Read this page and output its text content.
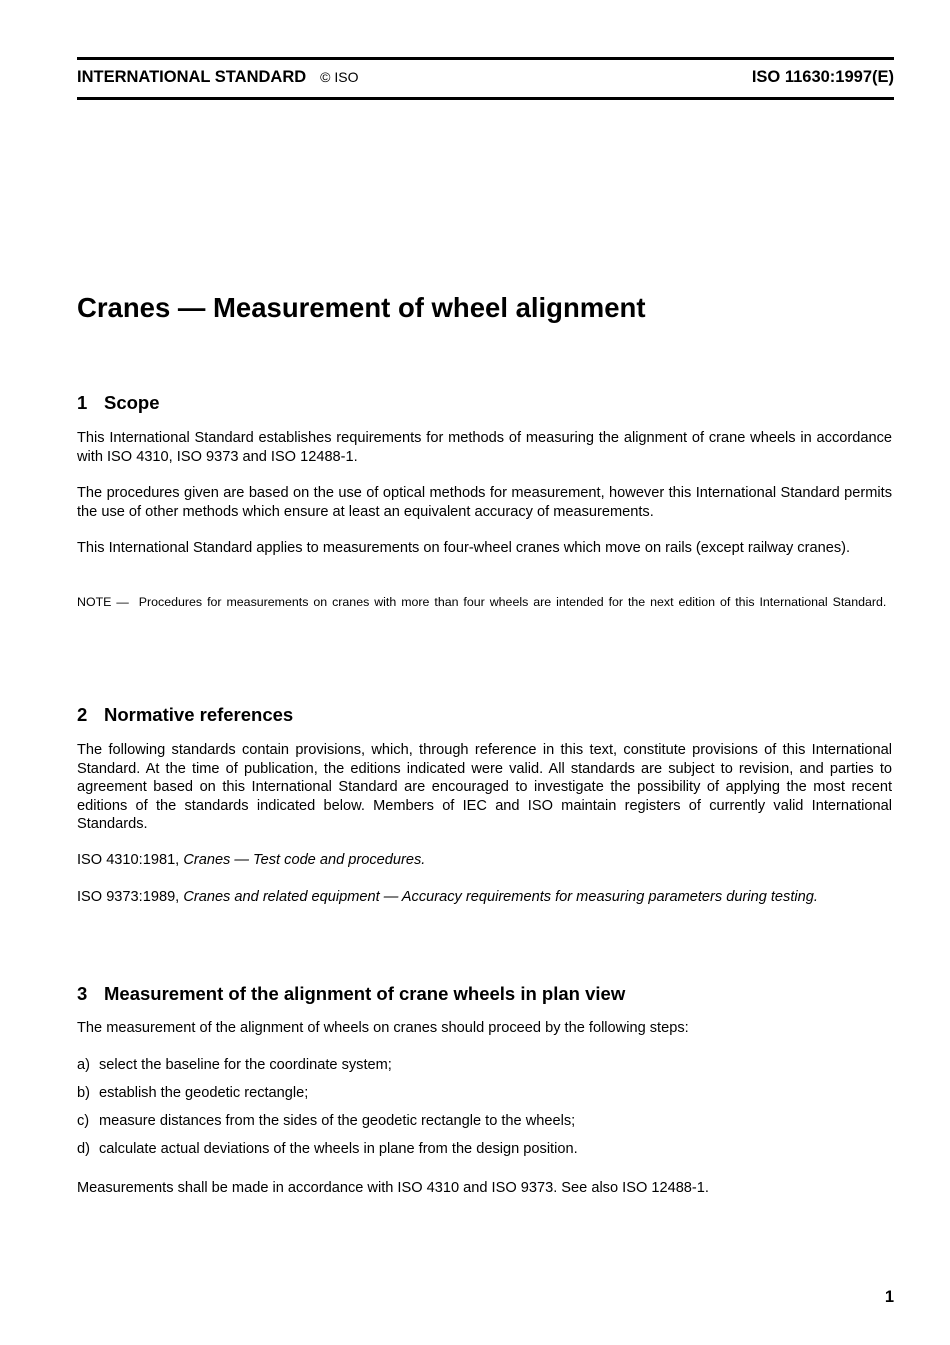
INTERNATIONAL STANDARD © ISO	ISO 11630:1997(E)
Cranes — Measurement of wheel alignment
1 Scope

This International Standard establishes requirements for methods of measuring the alignment of crane wheels in accordance with ISO 4310, ISO 9373 and ISO 12488-1.

The procedures given are based on the use of optical methods for measurement, however this International Standard permits the use of other methods which ensure at least an equivalent accuracy of measurements.

This International Standard applies to measurements on four-wheel cranes which move on rails (except railway cranes).

NOTE — Procedures for measurements on cranes with more than four wheels are intended for the next edition of this International Standard.

2 Normative references

The following standards contain provisions, which, through reference in this text, constitute provisions of this International Standard. At the time of publication, the editions indicated were valid. All standards are subject to revision, and parties to agreement based on this International Standard are encouraged to investigate the possibility of applying the most recent editions of the standards indicated below. Members of IEC and ISO maintain registers of currently valid International Standards.

ISO 4310:1981, Cranes — Test code and procedures.

ISO 9373:1989, Cranes and related equipment — Accuracy requirements for measuring parameters during testing.

3 Measurement of the alignment of crane wheels in plan view

The measurement of the alignment of wheels on cranes should proceed by the following steps:

a) select the baseline for the coordinate system;

b) establish the geodetic rectangle;

c) measure distances from the sides of the geodetic rectangle to the wheels;

d) calculate actual deviations of the wheels in plane from the design position.

Measurements shall be made in accordance with ISO 4310 and ISO 9373. See also ISO 12488-1.

1
